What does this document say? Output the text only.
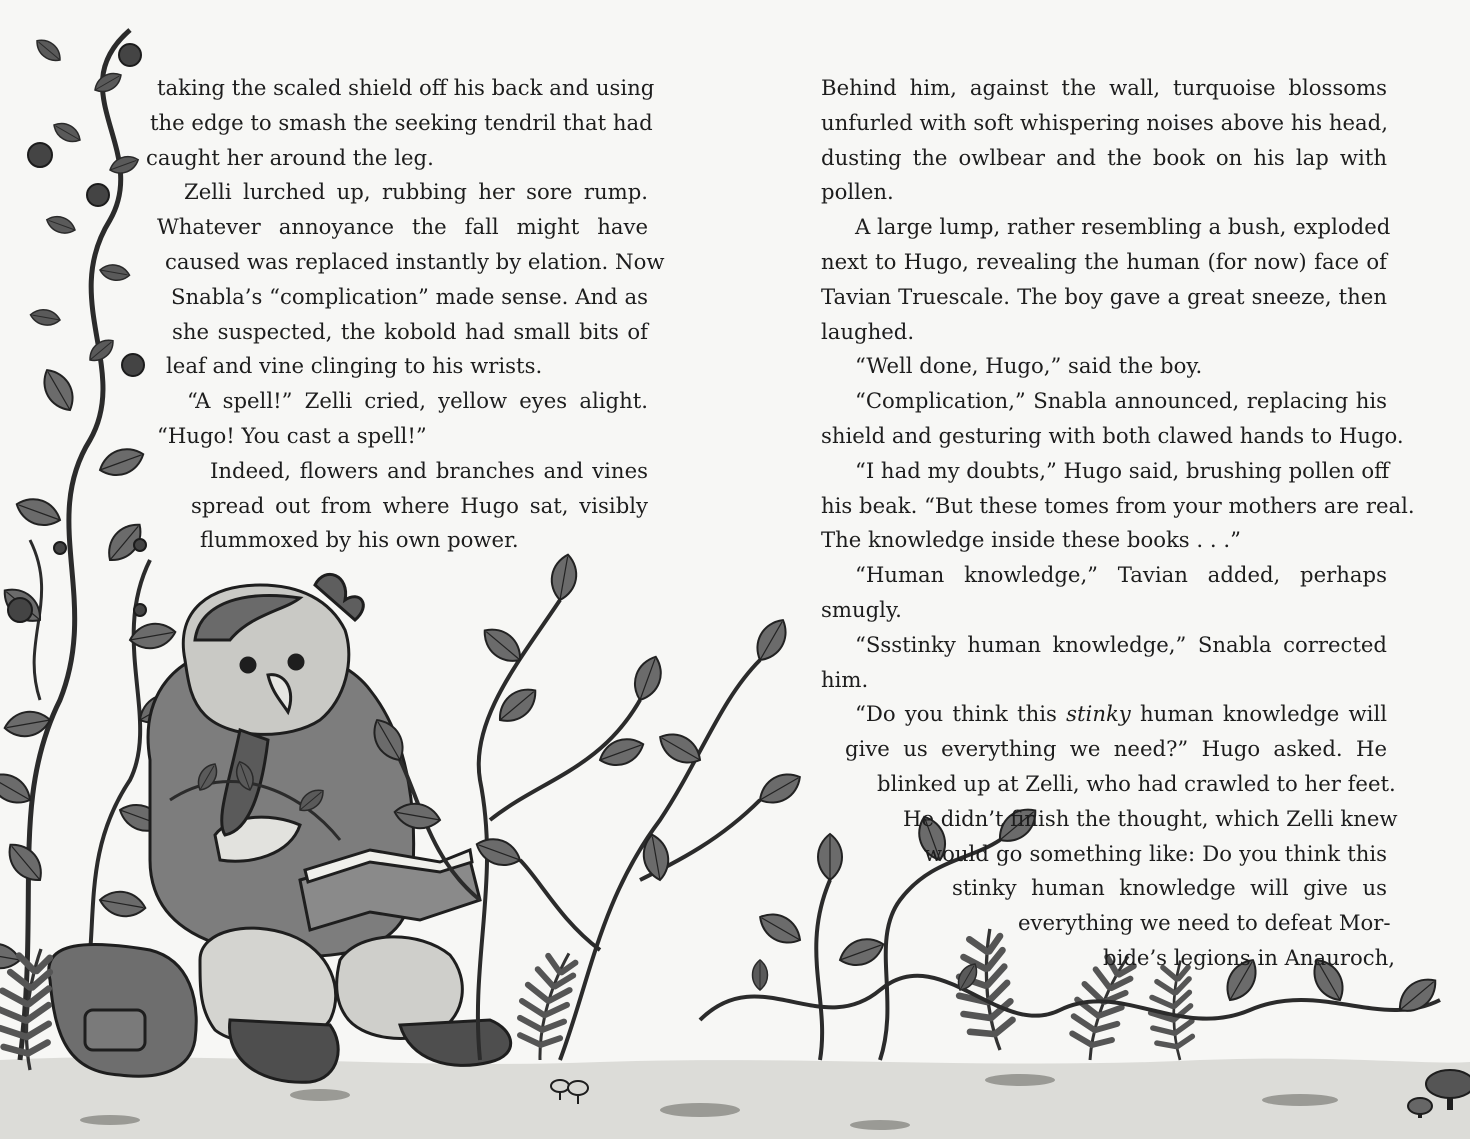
taking the scaled shield off his back and using

the edge to smash the seeking tendril that had

caught her around the leg.

Zelli lurched up, rubbing her sore rump.

Whatever annoyance the fall might have

caused was replaced instantly by elation. Now

Snabla’s “complication” made sense. And as

she suspected, the kobold had small bits of

leaf and vine clinging to his wrists.

“A spell!” Zelli cried, yellow eyes alight.

“Hugo! You cast a spell!”

Indeed, flowers and branches and vines

spread out from where Hugo sat, visibly

flummoxed by his own power.

Behind him, against the wall, turquoise blossoms

unfurled with soft whispering noises above his head,

dusting the owlbear and the book on his lap with

pollen.

A large lump, rather resembling a bush, exploded

next to Hugo, revealing the human (for now) face of

Tavian Truescale. The boy gave a great sneeze, then

laughed.

“Well done, Hugo,” said the boy.

“Complication,” Snabla announced, replacing his

shield and gesturing with both clawed hands to Hugo.

“I had my doubts,” Hugo said, brushing pollen off

his beak. “But these tomes from your mothers are real.

The knowledge inside these books . . .”

“Human knowledge,” Tavian added, perhaps

smugly.

“Ssstinky human knowledge,” Snabla corrected

him.

“Do you think this stinky human knowledge will

give us everything we need?” Hugo asked. He

blinked up at Zelli, who had crawled to her feet.

He didn’t finish the thought, which Zelli knew

would go something like: Do you think this

stinky human knowledge will give us

everything we need to defeat Mor-

bide’s legions in Anauroch,
